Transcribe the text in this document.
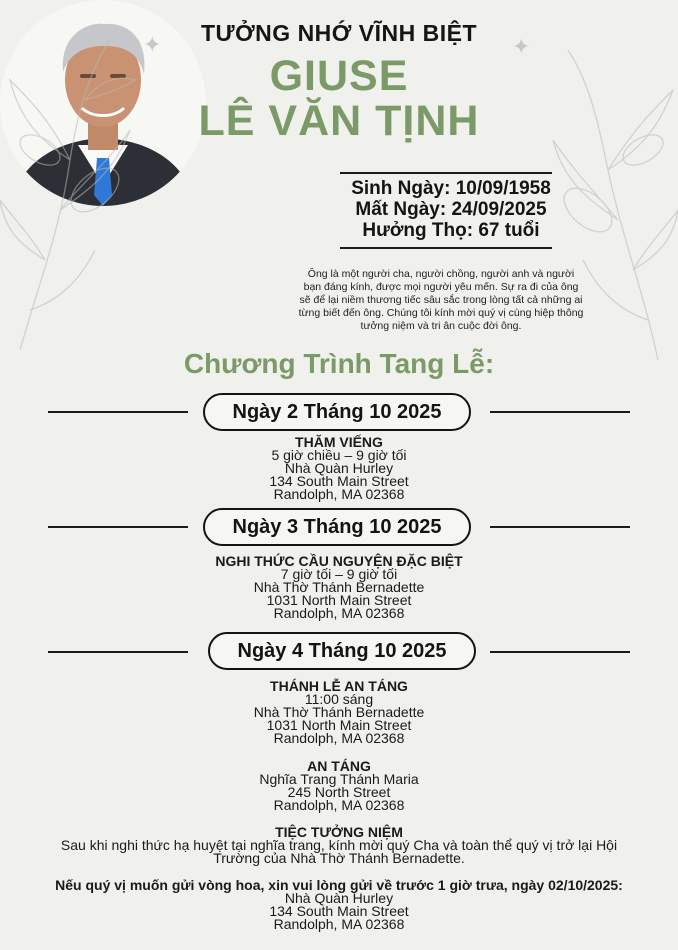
✦	✦
TƯỞNG NHỚ VĨNH BIỆT
GIUSE
LÊ VĂN TỊNH
Sinh Ngày: 10/09/1958
Mất Ngày: 24/09/2025
Hưởng Thọ: 67 tuổi
Ông là một người cha, người chồng, người anh và người bạn đáng kính, được mọi người yêu mến. Sự ra đi của ông sẽ để lại niềm thương tiếc sâu sắc trong lòng tất cả những ai từng biết đến ông. Chúng tôi kính mời quý vị cùng hiệp thông tưởng niệm và tri ân cuộc đời ông.
Chương Trình Tang Lễ:
Ngày 2 Tháng 10 2025
THĂM VIẾNG
5 giờ chiều – 9 giờ tối
Nhà Quàn Hurley
134 South Main Street
Randolph, MA 02368
Ngày 3 Tháng 10 2025
NGHI THỨC CẦU NGUYỆN ĐẶC BIỆT
7 giờ tối – 9 giờ tối
Nhà Thờ Thánh Bernadette
1031 North Main Street
Randolph, MA 02368
Ngày 4 Tháng 10 2025
THÁNH LỄ AN TÁNG
11:00 sáng
Nhà Thờ Thánh Bernadette
1031 North Main Street
Randolph, MA 02368
AN TÁNG
Nghĩa Trang Thánh Maria
245 North Street
Randolph, MA 02368
TIỆC TƯỞNG NIỆM
Sau khi nghi thức hạ huyệt tại nghĩa trang, kính mời quý Cha và toàn thể quý vị trở lại Hội
Trường của Nhà Thờ Thánh Bernadette.
Nếu quý vị muốn gửi vòng hoa, xin vui lòng gửi về trước 1 giờ trưa, ngày 02/10/2025:
Nhà Quàn Hurley
134 South Main Street
Randolph, MA 02368
